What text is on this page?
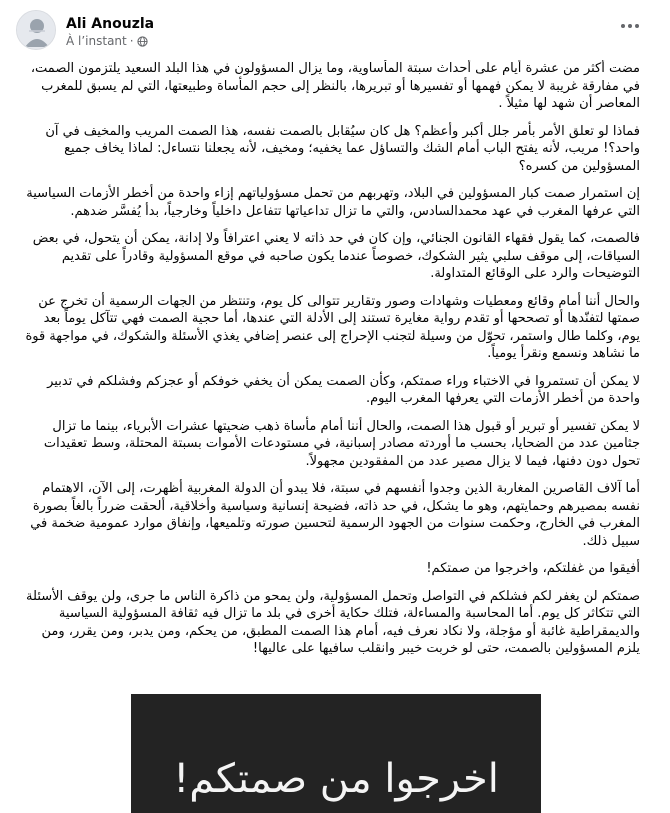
Ali Anouzla
À l’instant ·

مضت أكثر من عشرة أيام على أحداث سبتة المأساوية، وما يزال المسؤولون في هذا البلد السعيد يلتزمون الصمت، في مفارقة غريبة لا يمكن فهمها أو تفسيرها أو تبريرها، بالنظر إلى حجم المأساة وطبيعتها، التي لم يسبق للمغرب المعاصر أن شهد لها مثيلاً .

فماذا لو تعلق الأمر بأمر جلل أكبر وأعظم؟ هل كان سيُقابل بالصمت نفسه، هذا الصمت المريب والمخيف في آن واحد؟! مريب، لأنه يفتح الباب أمام الشك والتساؤل عما يخفيه؛ ومخيف، لأنه يجعلنا نتساءل: لماذا يخاف جميع المسؤولين من كسره؟

إن استمرار صمت كبار المسؤولين في البلاد، وتهربهم من تحمل مسؤولياتهم إزاء واحدة من أخطر الأزمات السياسية التي عرفها المغرب في عهد محمدالسادس، والتي ما تزال تداعياتها تتفاعل داخلياً وخارجياً، بدأ يُفسَّر ضدهم.

فالصمت، كما يقول فقهاء القانون الجنائي، وإن كان في حد ذاته لا يعني اعترافاً ولا إدانة، يمكن أن يتحول، في بعض السياقات، إلى موقف سلبي يثير الشكوك، خصوصاً عندما يكون صاحبه في موقع المسؤولية وقادراً على تقديم التوضيحات والرد على الوقائع المتداولة.

والحال أننا أمام وقائع ومعطيات وشهادات وصور وتقارير تتوالى كل يوم، وتنتظر من الجهات الرسمية أن تخرج عن صمتها لتفنّدها أو تصححها أو تقدم رواية مغايرة تستند إلى الأدلة التي عندها، أما حجية الصمت فهي تتآكل يوماً بعد يوم، وكلما طال واستمر، تحوّل من وسيلة لتجنب الإحراج إلى عنصر إضافي يغذي الأسئلة والشكوك، في مواجهة قوة ما نشاهد ونسمع ونقرأ يومياً.

لا يمكن أن تستمروا في الاختباء وراء صمتكم، وكأن الصمت يمكن أن يخفي خوفكم أو عجزكم وفشلكم في تدبير واحدة من أخطر الأزمات التي يعرفها المغرب اليوم.

لا يمكن تفسير أو تبرير أو قبول هذا الصمت، والحال أننا أمام مأساة ذهب ضحيتها عشرات الأبرياء، بينما ما تزال جثامين عدد من الضحايا، بحسب ما أوردته مصادر إسبانية، في مستودعات الأموات بسبتة المحتلة، وسط تعقيدات تحول دون دفنها، فيما لا يزال مصير عدد من المفقودين مجهولاً.

أما آلاف القاصرين المغاربة الذين وجدوا أنفسهم في سبتة، فلا يبدو أن الدولة المغربية أظهرت، إلى الآن، الاهتمام نفسه بمصيرهم وحمايتهم، وهو ما يشكل، في حد ذاته، فضيحة إنسانية وسياسية وأخلاقية، ألحقت ضرراً بالغاً بصورة المغرب في الخارج، وحكمت سنوات من الجهود الرسمية لتحسين صورته وتلميعها، وإنفاق موارد عمومية ضخمة في سبيل ذلك.

أفيقوا من غفلتكم، واخرجوا من صمتكم!

صمتكم لن يغفر لكم فشلكم في التواصل وتحمل المسؤولية، ولن يمحو من ذاكرة الناس ما جرى، ولن يوقف الأسئلة التي تتكاثر كل يوم. أما المحاسبة والمساءلة، فتلك حكاية أخرى في بلد ما تزال فيه ثقافة المسؤولية السياسية والديمقراطية غائبة أو مؤجلة، ولا نكاد نعرف فيه، أمام هذا الصمت المطبق، من يحكم، ومن يدبر، ومن يقرر، ومن يلزم المسؤولين بالصمت، حتى لو خربت خيبر وانقلب سافيها على عاليها!

اخرجوا من صمتكم!
